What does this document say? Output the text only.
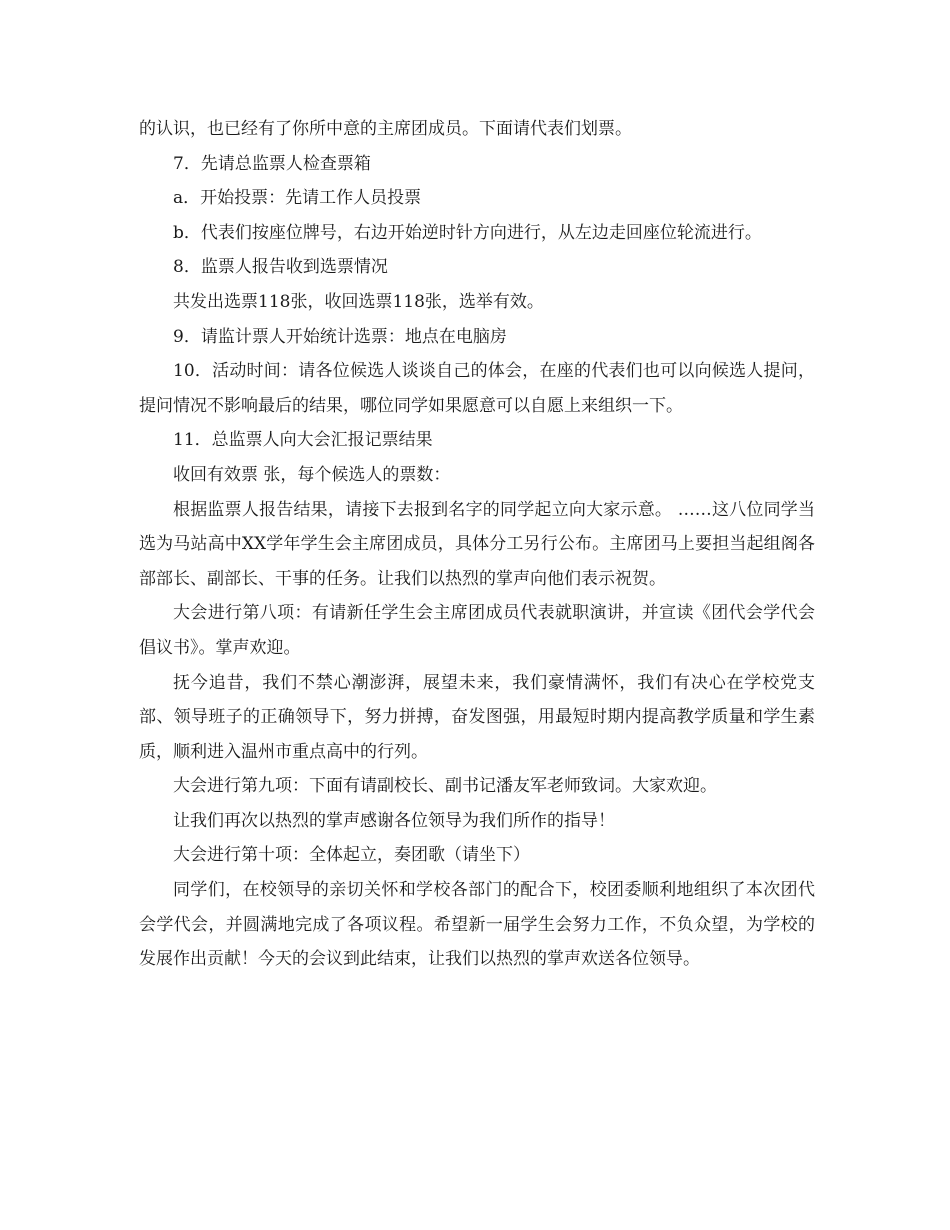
的认识，也已经有了你所中意的主席团成员。下面请代表们划票。

7．先请总监票人检查票箱

a．开始投票：先请工作人员投票

b．代表们按座位牌号，右边开始逆时针方向进行，从左边走回座位轮流进行。

8．监票人报告收到选票情况

共发出选票118张，收回选票118张，选举有效。

9．请监计票人开始统计选票：地点在电脑房

10．活动时间：请各位候选人谈谈自己的体会，在座的代表们也可以向候选人提问，提问情况不影响最后的结果，哪位同学如果愿意可以自愿上来组织一下。

11．总监票人向大会汇报记票结果

收回有效票 张，每个候选人的票数：

根据监票人报告结果，请接下去报到名字的同学起立向大家示意。 ……这八位同学当选为马站高中XX学年学生会主席团成员，具体分工另行公布。主席团马上要担当起组阁各部部长、副部长、干事的任务。让我们以热烈的掌声向他们表示祝贺。

大会进行第八项：有请新任学生会主席团成员代表就职演讲，并宣读《团代会学代会倡议书》。掌声欢迎。

抚今追昔，我们不禁心潮澎湃，展望未来，我们豪情满怀，我们有决心在学校党支部、领导班子的正确领导下，努力拼搏，奋发图强，用最短时期内提高教学质量和学生素质，顺利进入温州市重点高中的行列。

大会进行第九项：下面有请副校长、副书记潘友军老师致词。大家欢迎。

让我们再次以热烈的掌声感谢各位领导为我们所作的指导！

大会进行第十项：全体起立，奏团歌（请坐下）

同学们，在校领导的亲切关怀和学校各部门的配合下，校团委顺利地组织了本次团代会学代会，并圆满地完成了各项议程。希望新一届学生会努力工作，不负众望，为学校的发展作出贡献！今天的会议到此结束，让我们以热烈的掌声欢送各位领导。
